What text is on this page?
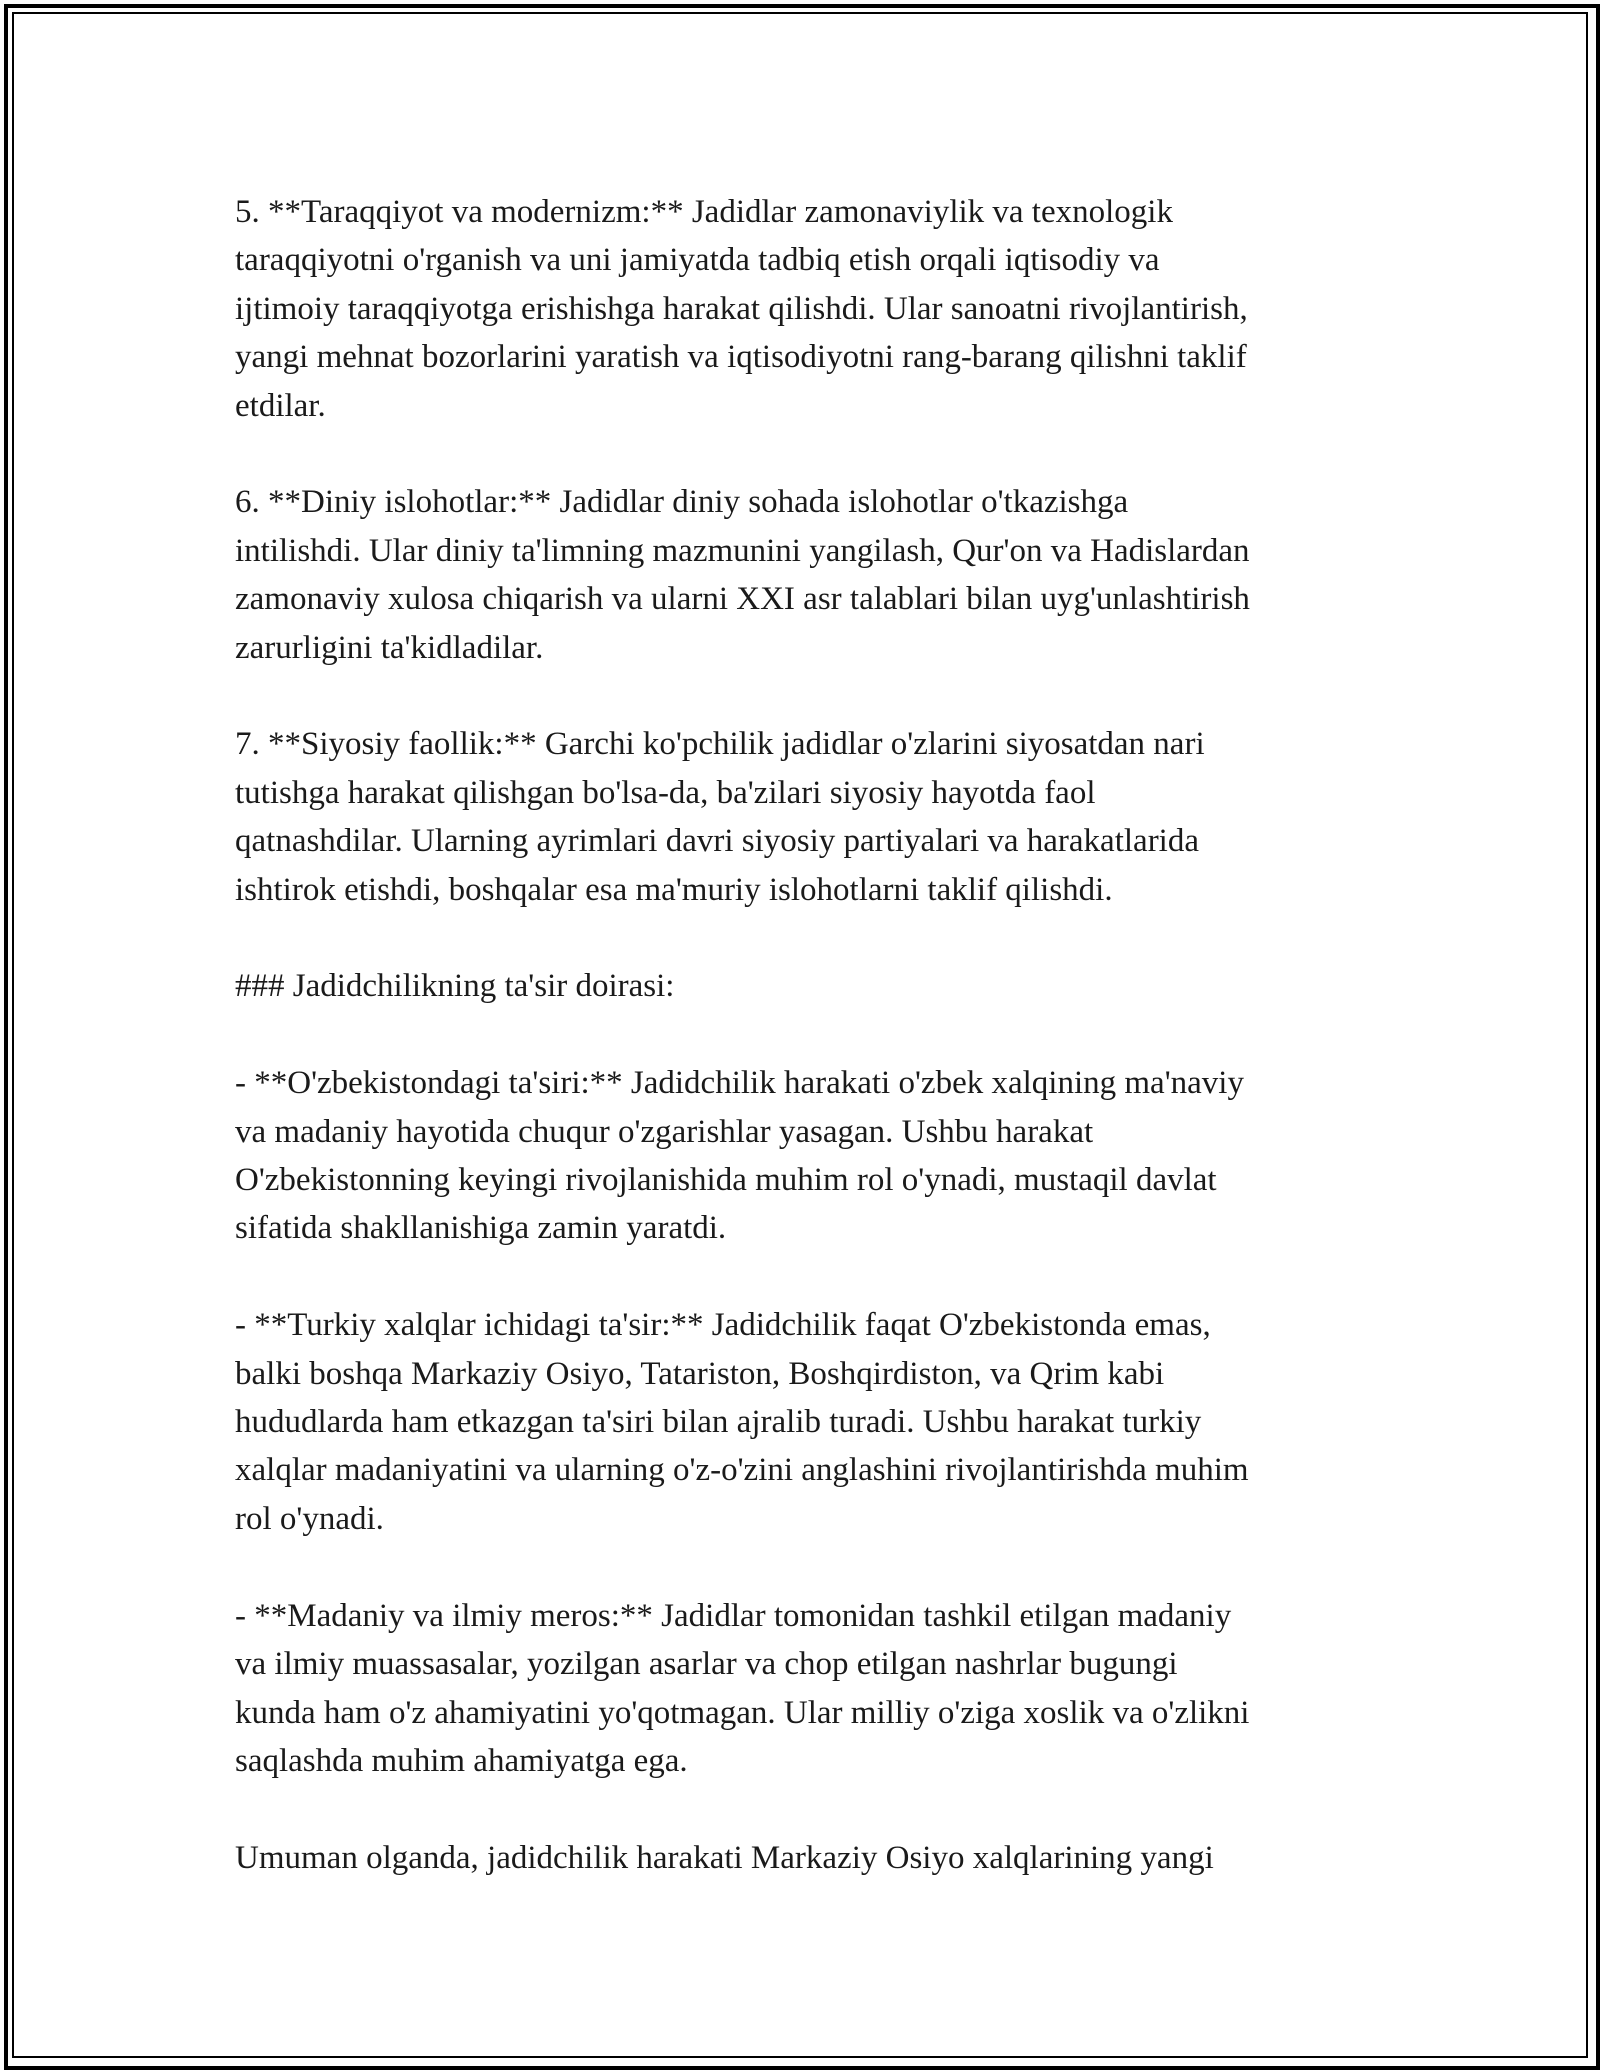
5. **Taraqqiyot va modernizm:** Jadidlar zamonaviylik va texnologik
taraqqiyotni o'rganish va uni jamiyatda tadbiq etish orqali iqtisodiy va
ijtimoiy taraqqiyotga erishishga harakat qilishdi. Ular sanoatni rivojlantirish,
yangi mehnat bozorlarini yaratish va iqtisodiyotni rang-barang qilishni taklif
etdilar.

6. **Diniy islohotlar:** Jadidlar diniy sohada islohotlar o'tkazishga
intilishdi. Ular diniy ta'limning mazmunini yangilash, Qur'on va Hadislardan
zamonaviy xulosa chiqarish va ularni XXI asr talablari bilan uyg'unlashtirish
zarurligini ta'kidladilar.

7. **Siyosiy faollik:** Garchi ko'pchilik jadidlar o'zlarini siyosatdan nari
tutishga harakat qilishgan bo'lsa-da, ba'zilari siyosiy hayotda faol
qatnashdilar. Ularning ayrimlari davri siyosiy partiyalari va harakatlarida
ishtirok etishdi, boshqalar esa ma'muriy islohotlarni taklif qilishdi.

### Jadidchilikning ta'sir doirasi:

- **O'zbekistondagi ta'siri:** Jadidchilik harakati o'zbek xalqining ma'naviy
va madaniy hayotida chuqur o'zgarishlar yasagan. Ushbu harakat
O'zbekistonning keyingi rivojlanishida muhim rol o'ynadi, mustaqil davlat
sifatida shakllanishiga zamin yaratdi.

- **Turkiy xalqlar ichidagi ta'sir:** Jadidchilik faqat O'zbekistonda emas,
balki boshqa Markaziy Osiyo, Tatariston, Boshqirdiston, va Qrim kabi
hududlarda ham etkazgan ta'siri bilan ajralib turadi. Ushbu harakat turkiy
xalqlar madaniyatini va ularning o'z-o'zini anglashini rivojlantirishda muhim
rol o'ynadi.

- **Madaniy va ilmiy meros:** Jadidlar tomonidan tashkil etilgan madaniy
va ilmiy muassasalar, yozilgan asarlar va chop etilgan nashrlar bugungi
kunda ham o'z ahamiyatini yo'qotmagan. Ular milliy o'ziga xoslik va o'zlikni
saqlashda muhim ahamiyatga ega.

Umuman olganda, jadidchilik harakati Markaziy Osiyo xalqlarining yangi
